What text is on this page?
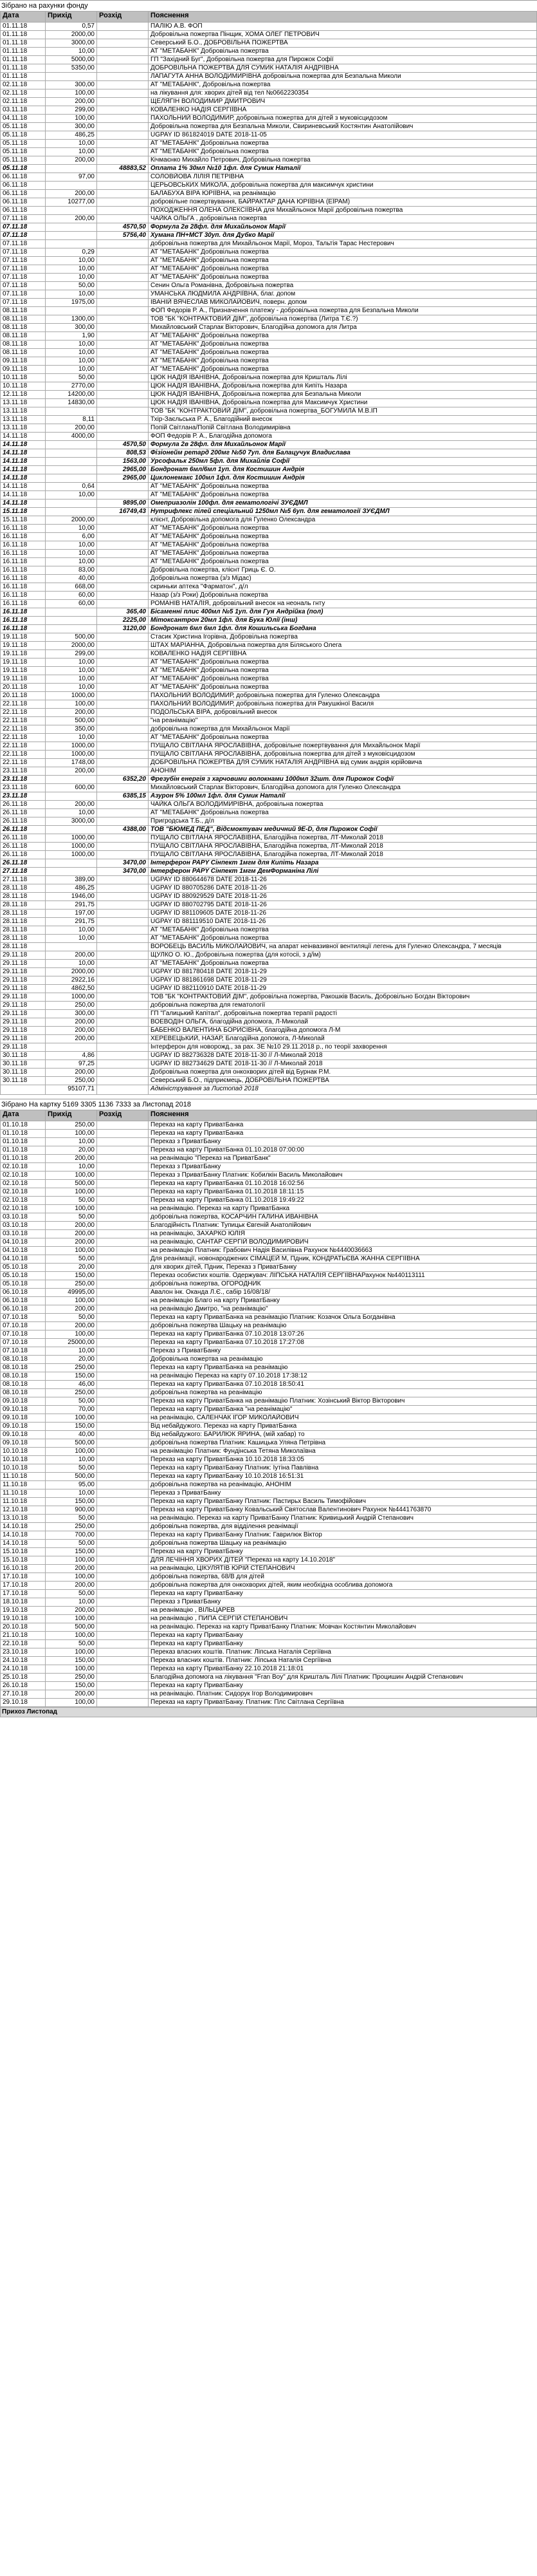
Зібрано на рахунки фонду
Дата	Прихід	Розхід	Пояснення
01.11.18	0,57		ПАЛІЮ А.В. ФОП
01.11.18	2000,00		Добровільна пожертва Пінщик, ХОМА ОЛЕГ ПЕТРОВИЧ
01.11.18	3000,00		Северський Б.О., ДОБРОВІЛЬНА ПОЖЕРТВА
01.11.18	10,00		АТ "МЕТАБАНК" Добровільна пожертва
01.11.18	5000,00		ГП "Західний Буг", Добровільна пожертва для Пирожок Софії
01.11.18	5350,00		ДОБРОВІЛЬНА ПОЖЕРТВА ДЛЯ СУМИК НАТАЛІЯ АНДРІЇВНА
01.11.18			ЛАПАГУТА АННА ВОЛОДИМИРІВНА добровільна пожертва для Безпальна Миколи
02.11.18	300,00		АТ "МЕТАБАНК", Добровільна пожертва
02.11.18	100,00		на лікування для: хворих дітей від тел №0662230354
02.11.18	200,00		ЩЕЛЯГІН ВОЛОДИМИР ДМИТРОВИЧ
03.11.18	299,00		КОВАЛЕНКО НАДІЯ СЕРГІЇВНА
04.11.18	100,00		ПАХОЛЬНИЙ ВОЛОДИМИР, добровільна пожертва для дітей з муковісцидозом
05.11.18	300,00		Добровільна пожертва для Безпальна Миколи, Свириневський Костянтин Анатолійович
05.11.18	486,25		UGPAY ID 861824019 DATE 2018-11-05
05.11.18	10,00		АТ "МЕТАБАНК" Добровільна пожертва
05.11.18	10,00		АТ "МЕТАБАНК" Добровільна пожертва
05.11.18	200,00		Кічмаєнко Михайло Петрович, Добровільна пожертва
05.11.18		48883,52	Оплата 1% 30мл №10 1фл. для Сумик Наталії
06.11.18	97,00		СОЛОВЙОВА ЛІЛІЯ ПЕТРІВНА
06.11.18			ЦЕРЬОВСЬКИХ МИКОЛА, добровільна пожертва для максимчук христини
06.11.18	200,00		БАЛАБУХА ВІРА ЮРІЇВНА, на реанімацію
06.11.18	10277,00		добровільне пожертвування, БАЙРАКТАР ДАНА ЮРІЇВНА (ЕЇРАМ)
06.11.18			ПОХОДЖЕННЯ ОЛЕНА ОЛЕКСІЇВНА для Михайльонок Марії добровільна пожертва
07.11.18	200,00		ЧАЙКА ОЛЬГА , добровільна пожертва
07.11.18		4570,50	Формула 2в 28фл. для Михайльонок Марії
07.11.18		5756,40	Хумана ПН+МСТ 30уп. для Дубко Марії
07.11.18			добровільна пожертва для Михайльонок Марії, Мороз, Тальтія Тарас Нестерович
07.11.18	0,29		АТ "МЕТАБАНК" Добровільна пожертва
07.11.18	10,00		АТ "МЕТАБАНК" Добровільна пожертва
07.11.18	10,00		АТ "МЕТАБАНК" Добровільна пожертва
07.11.18	10,00		АТ "МЕТАБАНК" Добровільна пожертва
07.11.18	50,00		Сенин Ольга Романівна, Добровільна пожертва
07.11.18	10,00		УМАНСЬКА ЛЮДМИЛА АНДРІЇВНА, благ. допом
07.11.18	1975,00		ІВАНІЙ ВЯЧЕСЛАВ МИКОЛАЙОВИЧ, поверн. допом
08.11.18			ФОП Федорів Р. А., Призначення платежу - добровільна пожертва для Безпальна Миколи
08.11.18	1300,00		ТОВ "БК "КОНТРАКТОВИЙ ДІМ", добровільна пожертва (Литра Т.Є.?)
08.11.18	300,00		Михайловський Старлак Вікторович, Благодійна допомога для Литра
08.11.18	1,90		АТ "МЕТАБАНК" Добровільна пожертва
08.11.18	10,00		АТ "МЕТАБАНК" Добровільна пожертва
08.11.18	10,00		АТ "МЕТАБАНК" Добровільна пожертва
09.11.18	10,00		АТ "МЕТАБАНК" Добровільна пожертва
09.11.18	10,00		АТ "МЕТАБАНК" Добровільна пожертва
10.11.18	50,00		ЦЮК НАДІЯ ІВАНІВНА, Добровільна пожертва для Кришталь Лілі
10.11.18	2770,00		ЦЮК НАДІЯ ІВАНІВНА, Добровільна пожертва для Кипіть Назара
12.11.18	14200,00		ЦЮК НАДІЯ ІВАНІВНА, Добровільна пожертва для Безпальна Миколи
13.11.18	14830,00		ЦЮК НАДІЯ ІВАНІВНА, Добровільна пожертва для Максимчук Христини
13.11.18			ТОВ "БК "КОНТРАКТОВИЙ ДІМ", добровільна пожертва_БОГУМИЛА М.В.ІП
13.11.18	8,11		Тхір-Заєльська Р. А., Благодійний внесок
13.11.18	200,00		Попій Світлана/Попій Світлана Володимирівна
14.11.18	4000,00		ФОП Федорів Р. А., Благодійна допомога
14.11.18		4570,50	Формула 2в 28фл. для Михайльонок Марії
14.11.18		808,53	Фізіонейм ретард 200мг №50 7уп. для Балацучук Владислава
14.11.18		1563,00	Урсофальк 250мл 5фл. для Михайлів Софії
14.11.18		2965,00	Бондронат 6мл/6мл 1уп. для Костишин Андрія
14.11.18		2965,00	Циклонемакс 100мл 1фл. для Костишин Андрія
14.11.18	0,64		АТ "МЕТАБАНК" Добровільна пожертва
14.11.18	10,00		АТ "МЕТАБАНК" Добровільна пожертва
14.11.18		9895,00	Омеприазолін 100фл. для гематологічі ЗУЄДМЛ
15.11.18		16749,43	Нутрифлекс пілей спеціальний 1250мл №5 6уп. для гематології ЗУЄДМЛ
15.11.18	2000,00		клієнт, Добровільна допомога для Гуленко Олександра
16.11.18	10,00		АТ "МЕТАБАНК" Добровільна пожертва
16.11.18	6,00		АТ "МЕТАБАНК" Добровільна пожертва
16.11.18	10,00		АТ "МЕТАБАНК" Добровільна пожертва
16.11.18	10,00		АТ "МЕТАБАНК" Добровільна пожертва
16.11.18	10,00		АТ "МЕТАБАНК" Добровільна пожертва
16.11.18	83,00		Добровільна пожертва, клієнт Гриць Є. О.
16.11.18	40,00		Добровільна пожертва (з/з Мідас)
16.11.18	668,00		скриньки аптека "Фарматон", д/л
16.11.18	60,00		Назар (з/з Роки) Добровільна пожертва
16.11.18	60,00		РОМАНІВ НАТАЛІЯ, добровільний внесок на неональ гнту
16.11.18		365,40	Бісаменні плис 400мл №5 1уп. для Гуя Андрійка (пол)
16.11.18		2225,00	Мітоксантрон 20мл 1фл. для Бука Юлії (інш)
16.11.18		3120,00	Бондронат 6мл 6мл 1фл. для Кошильська Богдана
19.11.18	500,00		Стасик Христина Ігорівна, Добровільна пожертва
19.11.18	2000,00		ШТАХ МАРІАННА, Добровільна пожертва для Біляського Олега
19.11.18	299,00		КОВАЛЕНКО НАДІЯ СЕРГІЇВНА
19.11.18	10,00		АТ "МЕТАБАНК" Добровільна пожертва
19.11.18	10,00		АТ "МЕТАБАНК" Добровільна пожертва
19.11.18	10,00		АТ "МЕТАБАНК" Добровільна пожертва
20.11.18	10,00		АТ "МЕТАБАНК" Добровільна пожертва
20.11.18	1000,00		ПАХОЛЬНИЙ ВОЛОДИМИР, добровільна пожертва для Гуленко Олександра
22.11.18	100,00		ПАХОЛЬНИЙ ВОЛОДИМИР, добровільна пожертва для Ракушкіної Василя
22.11.18	200,00		ПОДОЛЬСЬКА ВІРА, добровільний внесок
22.11.18	500,00		"на реанімацію"
22.11.18	350,00		добровільна пожертва для Михайльонок Марії
22.11.18	10,00		АТ "МЕТАБАНК" Добровільна пожертва
22.11.18	1000,00		ПУЩАЛО СВІТЛАНА ЯРОСЛАВІВНА, добровільне пожертвування для Михайльонок Марії
22.11.18	1000,00		ПУЩАЛО СВІТЛАНА ЯРОСЛАВІВНА, добровільна пожертва для дітей з муковісцидозом
22.11.18	1748,00		ДОБРОВІЛЬНА ПОЖЕРТВА ДЛЯ СУМИК НАТАЛІЯ АНДРІЇВНА від сумик андрія юрійовича
23.11.18	200,00		АНОНІМ
23.11.18		6352,20	Фрезубін енергія з харчовими волокнами 1000мл 32шт. для Пирожок Софії
23.11.18	600,00		Михайловський Старлак Вікторович, Благодійна допомога для Гуленко Олександра
23.11.18		6385,15	Азурон 5% 100мл 1фл. для Сумик Наталії
26.11.18	200,00		ЧАЙКА ОЛЬГА ВОЛОДИМИРІВНА, добровільна пожертва
26.11.18	10,00		АТ "МЕТАБАНК" Добровільна пожертва
26.11.18	3000,00		Пригродська Т.Б., д/л
26.11.18		4388,00	ТОВ "БЮМЕД ПЕД", Відсмоктувач медичний 9Е-D, для Пирожок Софії
26.11.18	1000,00		ПУЩАЛО СВІТЛАНА ЯРОСЛАВІВНА, Благодійна пожертва, ЛТ-Mиколай 2018
26.11.18	1000,00		ПУЩАЛО СВІТЛАНА ЯРОСЛАВІВНА, Благодійна пожертва, ЛТ-Mиколай 2018
26.11.18	1000,00		ПУЩАЛО СВІТЛАНА ЯРОСЛАВІВНА, Благодійна пожертва, ЛТ-Mиколай 2018
26.11.18		3470,00	Інтерферон PAPY Сінпект 1мгм для Кипіть Назара
27.11.18		3470,00	Інтерферон PAPY Сінпект 1мгм ДемФорманіна Лілі
27.11.18	389,00		UGPAY ID 880644678 DATE 2018-11-26
28.11.18	486,25		UGPAY ID 880705286 DATE 2018-11-26
28.11.18	1946,00		UGPAY ID 880929529 DATE 2018-11-26
28.11.18	291,75		UGPAY ID 880702795 DATE 2018-11-26
28.11.18	197,00		UGPAY ID 881109605 DATE 2018-11-26
28.11.18	291,75		UGPAY ID 881119510 DATE 2018-11-26
28.11.18	10,00		АТ "МЕТАБАНК" Добровільна пожертва
28.11.18	10,00		АТ "МЕТАБАНК" Добровільна пожертва
28.11.18			ВОРОБЕЦЬ ВАСИЛЬ МИКОЛАЙОВИЧ, на апарат неінвазивної вентиляції легень для Гуленко Олександра, 7 месяців
29.11.18	200,00		ЩУЛКО О. Ю., Добровільна пожертва (для котосіі, з д/ім)
29.11.18	10,00		АТ "МЕТАБАНК" Добровільна пожертва
29.11.18	2000,00		UGPAY ID 881780418 DATE 2018-11-29
29.11.18	2922,16		UGPAY ID 881861698 DATE 2018-11-29
29.11.18	4862,50		UGPAY ID 882110910 DATE 2018-11-29
29.11.18	1000,00		ТОВ "БК "КОНТРАКТОВИЙ ДІМ", добровільна пожертва, Ракошків Василь, Добровільно Богдан Вікторович
29.11.18	250,00		добровільна пожертва для гематології
29.11.18	300,00		ГП "Галицький Капітал", добровільна пожертва терапії радості
29.11.18	200,00		ВОЕВОДІН ОЛЬГА, благодійна допомога, Л-Миколай
29.11.18	200,00		БАБЕНКО ВАЛЕНТИНА БОРИСІВНА, благодійна допомога Л-М
29.11.18	200,00		ХЕРЕВЕЦЬКИЙ, НАЗАР, Благодійна допомога, Л-Миколай
29.11.18			Інтерферон для новорожд., за рах. ЗЕ №10 29.11.2018 р., по теорії захворення
30.11.18	4,86		UGPAY ID 882736328 DATE 2018-11-30 // Л-Миколай 2018
30.11.18	97,25		UGPAY ID 882734629 DATE 2018-11-30 // Л-Миколай 2018
30.11.18	200,00		Добровільна пожертва для онкохворих дітей від Бурнак Р.М.
30.11.18	250,00		Северський Б.О., підприємець, ДОБРОВІЛЬНА ПОЖЕРТВА
	95107,71		Адміністрування за Листопад 2018
Зібрано На картку 5169 3305 1136 7333 за Листопад 2018
Дата	Прихід	Розхід	Пояснення
01.10.18	250,00		Переказ на карту ПриватБанка
01.10.18	100,00		Переказ на карту ПриватБанка
01.10.18	10,00		Переказ з ПриватБанку
01.10.18	20,00		Переказ на карту ПриватБанка 01.10.2018 07:00:00
01.10.18	200,00		на реанімацію "Переказ на ПриватБанк"
02.10.18	10,00		Переказ з ПриватБанку
02.10.18	100,00		Переказ з ПриватБанку Платник: Кобилкін Василь Миколайович
02.10.18	500,00		Переказ на карту ПриватБанка 01.10.2018 16:02:56
02.10.18	100,00		Переказ на карту ПриватБанка 01.10.2018 18:11:15
02.10.18	50,00		Переказ на карту ПриватБанка 01.10.2018 19:49:22
02.10.18	100,00		на реанімацію. Переказ на карту ПриватБанка
03.10.18	50,00		добровільна пожертва, КОСАРЧИН ГАЛИНА ИВАНІВНА
03.10.18	200,00		Благодійність Платник: Тупицьк Євгеній Анатолійович
03.10.18	200,00		на реанімацію, ЗАХАРКО ЮЛІЯ
04.10.18	200,00		на реанімацію, САНТАР СЕРГІЙ ВОЛОДИМИРОВИЧ
04.10.18	100,00		на реанімацію Платник: Грабович Надія Василівна Рахунок №4440036663
04.10.18	50,00		Для реанімації, новонароджених СІМАЦЕЙ М, Пдник, КОНДРАТЬЄВА ЖАННА СЕРГІЇВНА
05.10.18	20,00		для хворих дітей, Пдник, Переказ з ПриватБанку
05.10.18	150,00		Переказ особистих коштів. Одержувач: ЛІПСЬКА НАТАЛІЯ СЕРГІЇВНАРахунок №440113111
05.10.18	250,00		добровільна пожертва, ОГОРОДНИК
06.10.18	49995,00		Авалон інк. Оканда Л.Є., сабір 16/08/18/
06.10.18	100,00		на реанімацію Благо на карту ПриватБанку
06.10.18	200,00		на реанімацію Дмитро, "на реанімацію"
07.10.18	50,00		Переказ на карту ПриватБанка на реанімацію Платник: Козачок Ольга Богданівна
07.10.18	200,00		добровільна пожертва Шацьку на реанімацію
07.10.18	100,00		Переказ на карту ПриватБанка 07.10.2018 13:07:26
07.10.18	25000,00		Переказ на карту ПриватБанка 07.10.2018 17:27:08
07.10.18	10,00		Переказ з ПриватБанку
08.10.18	20,00		Добровільна пожертва на реанімацію
08.10.18	250,00		Переказ на карту ПриватБанка на реанімацію
08.10.18	150,00		на реанімацію Переказ на карту 07.10.2018 17:38:12
08.10.18	46,00		Переказ на карту ПриватБанка 07.10.2018 18:50:41
08.10.18	250,00		добровільна пожертва на реанімацію
09.10.18	50,00		Переказ на карту ПриватБанка на реанімацію Платник: Хозінський Віктор Вікторович
09.10.18	70,00		Переказ на карту ПриватБанка "на реанімацію"
09.10.18	100,00		на реанімацію, САЛЕНЧАК ІГОР МИКОЛАЙОВИЧ
09.10.18	150,00		Від небайдужого. Переказ на карту ПриватБанка
09.10.18	40,00		Від небайдужого: БАРИЛЮК ЯРИНА, (мій хабар) то
09.10.18	500,00		добровільна пожертва Платник: Кашицька Уляна Петрівна
10.10.18	100,00		на реанімацію Платник: Фундінська Тетяна Миколаївна
10.10.18	10,00		Переказ на карту ПриватБанка 10.10.2018 18:33:05
10.10.18	50,00		Переказ на карту ПриватБанку Платник: Іутіна Павлівна
11.10.18	500,00		Переказ на карту ПриватБанку 10.10.2018 16:51:31
11.10.18	95,00		добровільна пожертва на реанімацію, АНОНІМ
11.10.18	10,00		Переказ з ПриватБанку
11.10.18	150,00		Переказ на карту ПриватБанку Платник: Пастирьх Василь Тимофійович
12.10.18	900,00		Переказ на карту ПриватБанку Ковальський Святослав Валентинович Рахунок №4441763870
13.10.18	50,00		на реанімацію. Переказ на карту ПриватБанку Платник: Кривицький Андрій Степанович
14.10.18	250,00		добровільна пожертва, для відділення реанімації
14.10.18	700,00		Переказ на карту ПриватБанку Платник: Гаврилюк Віктор
14.10.18	50,00		добровільна пожертва Шацьку на реанімацію
15.10.18	150,00		Переказ на карту ПриватБанку
15.10.18	100,00		ДЛЯ ЛЕЧІННЯ ХВОРИХ ДІТЕЙ "Переказ на карту 14.10.2018"
16.10.18	200,00		на реанімацію, ЦІКУЛЯТІВ ЮРІЙ СТЕПАНОВИЧ
17.10.18	100,00		добровільна пожертва, 68/В для дітей
17.10.18	200,00		добровільна пожертва для онкохворих дітей, яким необхідна особлива допомога
17.10.18	50,00		Переказ на карту ПриватБанку
18.10.18	10,00		Переказ з ПриватБанку
19.10.18	200,00		на реанімацію , ВІЛЬЦАРЕВ
19.10.18	100,00		на реанімацію , ПИПА СЕРГІЙ СТЕПАНОВИЧ
20.10.18	500,00		на реанімацію. Переказ на карту ПриватБанку Платник: Мовчан Костянтин Миколайович
21.10.18	100,00		Переказ на карту ПриватБанку
22.10.18	50,00		Переказ на карту ПриватБанку
23.10.18	100,00		Переказ власних коштів. Платник: Ліпська Наталія Сергіївна
24.10.18	150,00		Переказ власних коштів. Платник: Ліпська Наталія Сергіївна
24.10.18	100,00		Переказ на карту ПриватБанку 22.10.2018 21:18:01
25.10.18	250,00		Благодійна допомога на лікування "Fran Boy" для Кришталь Лілі Платник: Процишин Андрій Степанович
26.10.18	150,00		Переказ на карту ПриватБанку
27.10.18	200,00		на реанімацію. Платник: Сидорук Ігор Володимирович
29.10.18	100,00		Переказ на карту ПриватБанку. Платник: Плс Світлана Сергіївна
Прихоз Листопад
